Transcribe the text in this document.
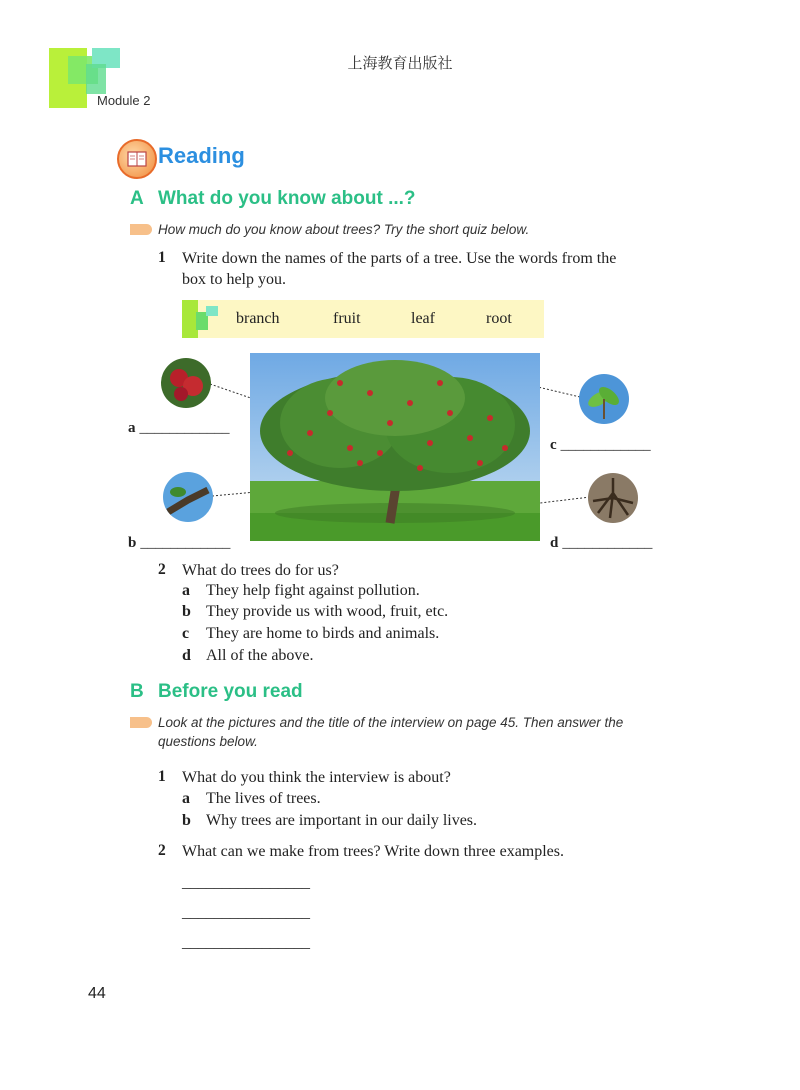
上海教育出版社
Module 2
Reading
A What do you know about ...?
How much do you know about trees? Try the short quiz below.
1 Write down the names of the parts of a tree. Use the words from the
box to help you.
branch	fruit	leaf	root
a ____________
b ____________
c ____________
d ____________
2 What do trees do for us?
a They help fight against pollution.
b They provide us with wood, fruit, etc.
c They are home to birds and animals.
d All of the above.
B Before you read
Look at the pictures and the title of the interview on page 45. Then answer the
questions below.
1 What do you think the interview is about?
a The lives of trees.
b Why trees are important in our daily lives.
2 What can we make from trees? Write down three examples.
________________
________________
________________
44
